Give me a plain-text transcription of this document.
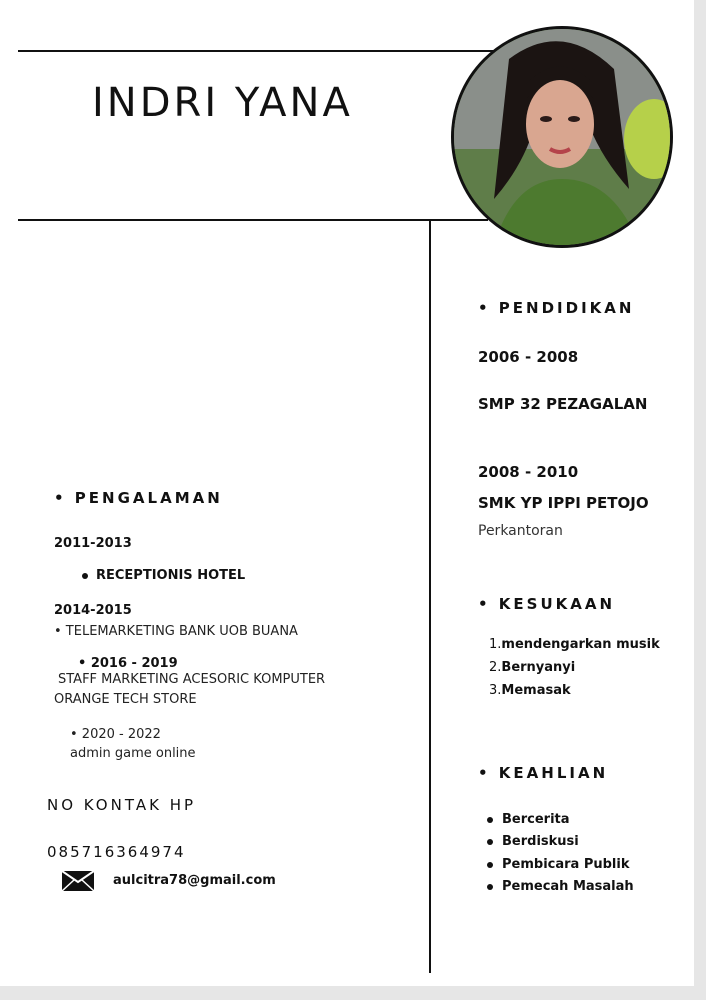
INDRI YANA
• PENGALAMAN
2011-2013
RECEPTIONIS HOTEL
2014-2015
• TELEMARKETING BANK UOB BUANA
• 2016 - 2019
STAFF MARKETING ACESORIC KOMPUTER
ORANGE TECH STORE
• 2020 - 2022
admin game online
NO KONTAK HP
085716364974
aulcitra78@gmail.com
• PENDIDIKAN
2006 - 2008
SMP 32 PEZAGALAN
2008 - 2010
SMK YP IPPI PETOJO
Perkantoran
• KESUKAAN
1.mendengarkan musik
2.Bernyanyi
3.Memasak
• KEAHLIAN
Bercerita
Berdiskusi
Pembicara Publik
Pemecah Masalah
